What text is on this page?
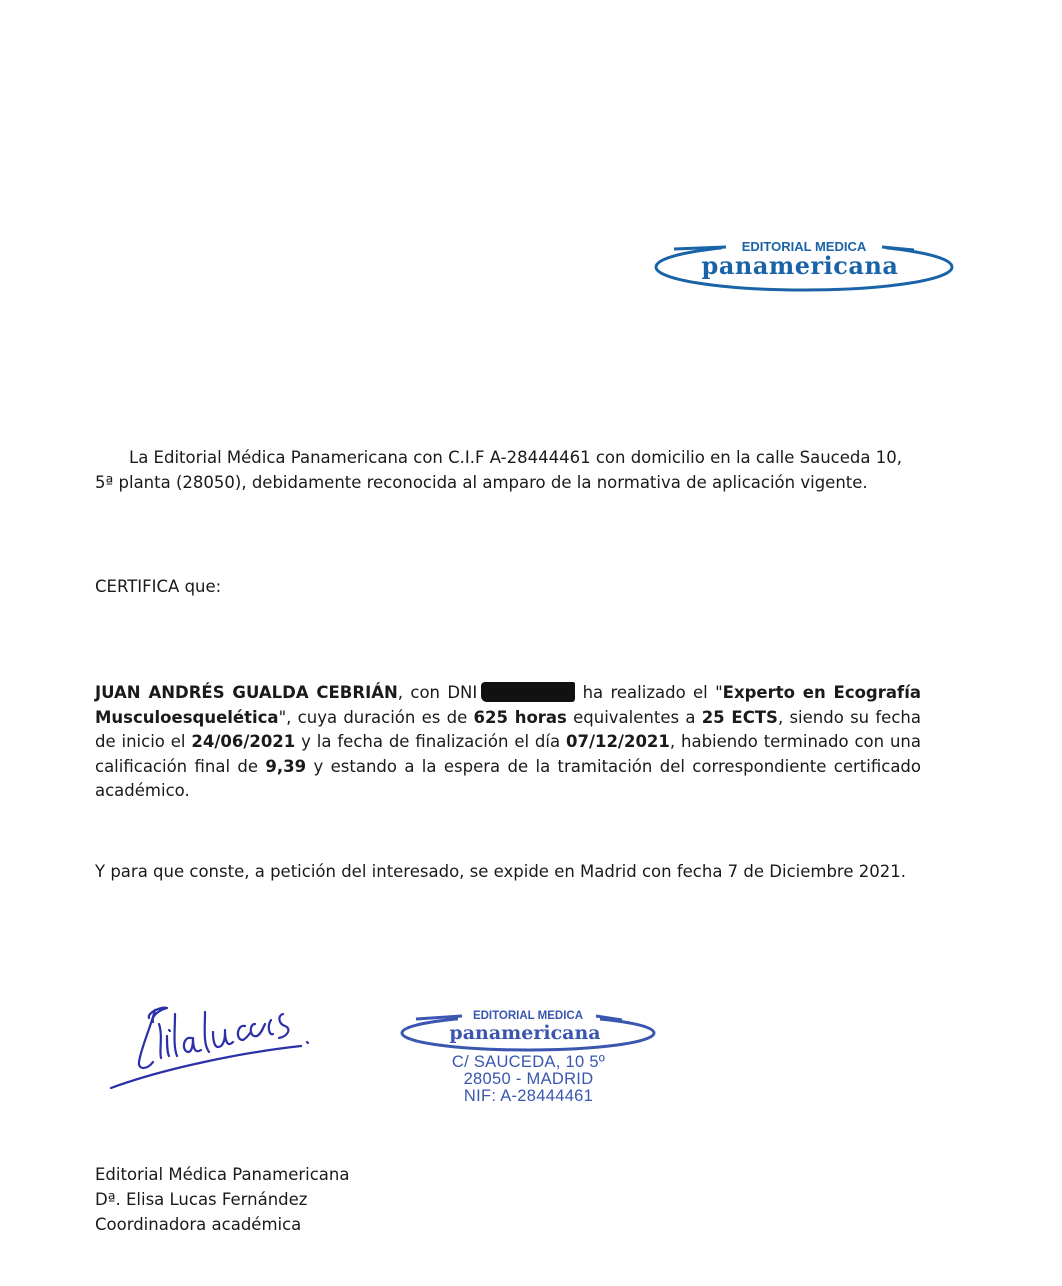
EDITORIAL MEDICA
panamericana
La Editorial Médica Panamericana con C.I.F A-28444461 con domicilio en la calle Sauceda 10, 5ª planta (28050), debidamente reconocida al amparo de la normativa de aplicación vigente.
CERTIFICA que:
JUAN ANDRÉS GUALDA CEBRIÁN, con DNI	ha realizado el "Experto en Ecografía Musculoesquelética", cuya duración es de 625 horas equivalentes a 25 ECTS, siendo su fecha de inicio el 24/06/2021 y la fecha de finalización el día 07/12/2021, habiendo terminado con una calificación final de 9,39 y estando a la espera de la tramitación del correspondiente certificado académico.
Y para que conste, a petición del interesado, se expide en Madrid con fecha 7 de Diciembre 2021.
EDITORIAL MEDICA
panamericana
C/ SAUCEDA, 10 5º
28050 - MADRID
NIF: A-28444461
Editorial Médica Panamericana
Dª. Elisa Lucas Fernández
Coordinadora académica
